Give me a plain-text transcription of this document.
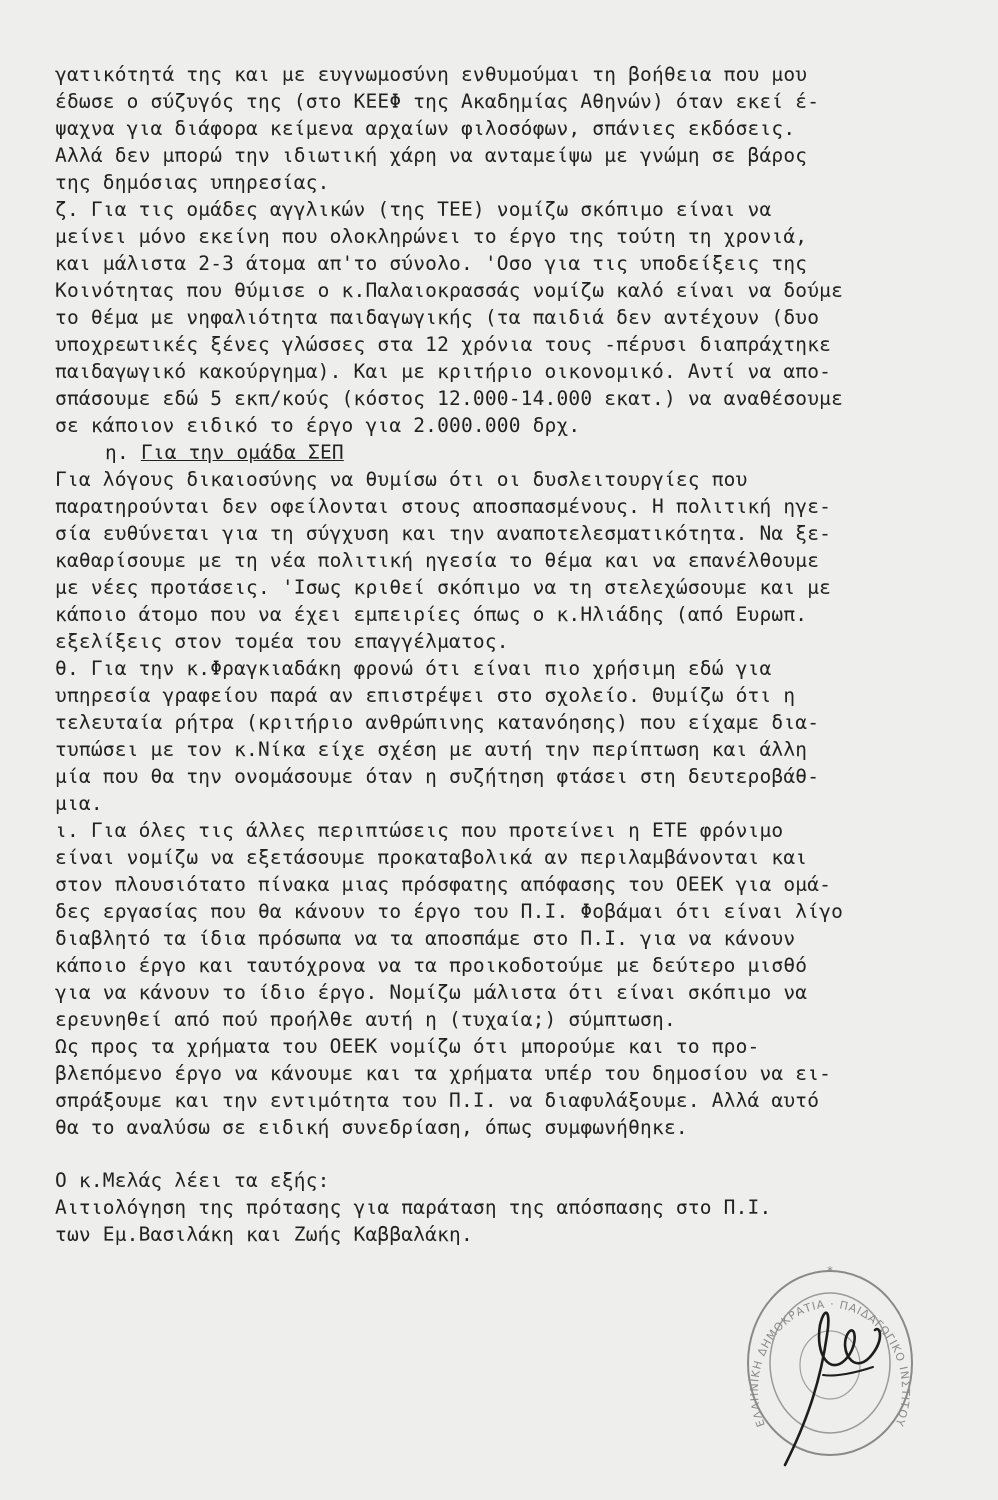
γατικότητά της και με ευγνωμοσύνη ενθυμούμαι τη βοήθεια που μου
έδωσε ο σύζυγός της (στο ΚΕΕΦ της Ακαδημίας Αθηνών) όταν εκεί έ-
ψαχνα για διάφορα κείμενα αρχαίων φιλοσόφων, σπάνιες εκδόσεις.
Αλλά δεν μπορώ την ιδιωτική χάρη να ανταμείψω με γνώμη σε βάρος
της δημόσιας υπηρεσίας.
ζ. Για τις ομάδες αγγλικών (της ΤΕΕ) νομίζω σκόπιμο είναι να
μείνει μόνο εκείνη που ολοκληρώνει το έργο της τούτη τη χρονιά,
και μάλιστα 2-3 άτομα απ'το σύνολο. 'Οσο για τις υποδείξεις της
Κοινότητας που θύμισε ο κ.Παλαιοκρασσάς νομίζω καλό είναι να δούμε
το θέμα με νηφαλιότητα παιδαγωγικής (τα παιδιά δεν αντέχουν (δυο
υποχρεωτικές ξένες γλώσσες στα 12 χρόνια τους -πέρυσι διαπράχτηκε
παιδαγωγικό κακούργημα). Και με κριτήριο οικονομικό. Αντί να απο-
σπάσουμε εδώ 5 εκπ/κούς (κόστος 12.000-14.000 εκατ.) να αναθέσουμε
σε κάποιον ειδικό το έργο για 2.000.000 δρχ.
η. Για την ομάδα ΣΕΠ
Για λόγους δικαιοσύνης να θυμίσω ότι οι δυσλειτουργίες που
παρατηρούνται δεν οφείλονται στους αποσπασμένους. Η πολιτική ηγε-
σία ευθύνεται για τη σύγχυση και την αναποτελεσματικότητα. Να ξε-
καθαρίσουμε με τη νέα πολιτική ηγεσία το θέμα και να επανέλθουμε
με νέες προτάσεις. 'Ισως κριθεί σκόπιμο να τη στελεχώσουμε και με
κάποιο άτομο που να έχει εμπειρίες όπως ο κ.Ηλιάδης (από Ευρωπ.
εξελίξεις στον τομέα του επαγγέλματος.
θ. Για την κ.Φραγκιαδάκη φρονώ ότι είναι πιο χρήσιμη εδώ για
υπηρεσία γραφείου παρά αν επιστρέψει στο σχολείο. Θυμίζω ότι η
τελευταία ρήτρα (κριτήριο ανθρώπινης κατανόησης) που είχαμε δια-
τυπώσει με τον κ.Νίκα είχε σχέση με αυτή την περίπτωση και άλλη
μία που θα την ονομάσουμε όταν η συζήτηση φτάσει στη δευτεροβάθ-
μια.
ι. Για όλες τις άλλες περιπτώσεις που προτείνει η ΕΤΕ φρόνιμο
είναι νομίζω να εξετάσουμε προκαταβολικά αν περιλαμβάνονται και
στον πλουσιότατο πίνακα μιας πρόσφατης απόφασης του ΟΕΕΚ για ομά-
δες εργασίας που θα κάνουν το έργο του Π.Ι. Φοβάμαι ότι είναι λίγο
διαβλητό τα ίδια πρόσωπα να τα αποσπάμε στο Π.Ι. για να κάνουν
κάποιο έργο και ταυτόχρονα να τα προικοδοτούμε με δεύτερο μισθό
για να κάνουν το ίδιο έργο. Νομίζω μάλιστα ότι είναι σκόπιμο να
ερευνηθεί από πού προήλθε αυτή η (τυχαία;) σύμπτωση.
Ως προς τα χρήματα του ΟΕΕΚ νομίζω ότι μπορούμε και το προ-
βλεπόμενο έργο να κάνουμε και τα χρήματα υπέρ του δημοσίου να ει-
σπράξουμε και την εντιμότητα του Π.Ι. να διαφυλάξουμε. Αλλά αυτό
θα το αναλύσω σε ειδική συνεδρίαση, όπως συμφωνήθηκε.
Ο κ.Μελάς λέει τα εξής:
Αιτιολόγηση της πρότασης για παράταση της απόσπασης στο Π.Ι.
των Εμ.Βασιλάκη και Ζωής Καββαλάκη.
ΕΛΛΗΝΙΚΗ ΔΗΜΟΚΡΑΤΙΑ · ΠΑΙΔΑΓΩΓΙΚΟ ΙΝΣΤΙΤΟΥ
*
